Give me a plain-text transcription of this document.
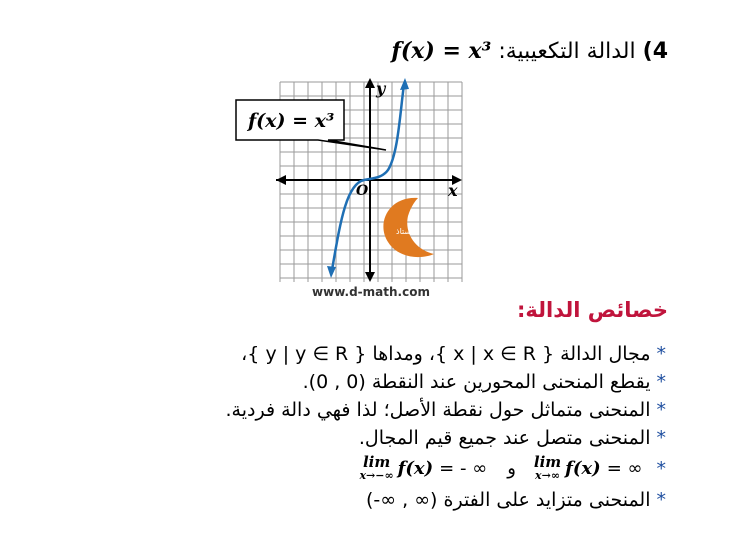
4) الدالة التكعيبية: f(x) = x³
الأستاذ
f(x) = x³
y
x
O
www.d-math.com
خصائص الدالة:
*مجال الدالة { x | x ∈ R }، ومداها { y | y ∈ R }،
*يقطع المنحنى المحورين عند النقطة (0 , 0).
*المنحنى متماثل حول نقطة الأصل؛ لذا فهي دالة فردية.
*المنحنى متصل عند جميع قيم المجال.
lim
x→−∞ f(x) = - ∞ و lim
x→∞ f(x) = ∞ *
*المنحنى متزايد على الفترة (∞ , ∞-)
